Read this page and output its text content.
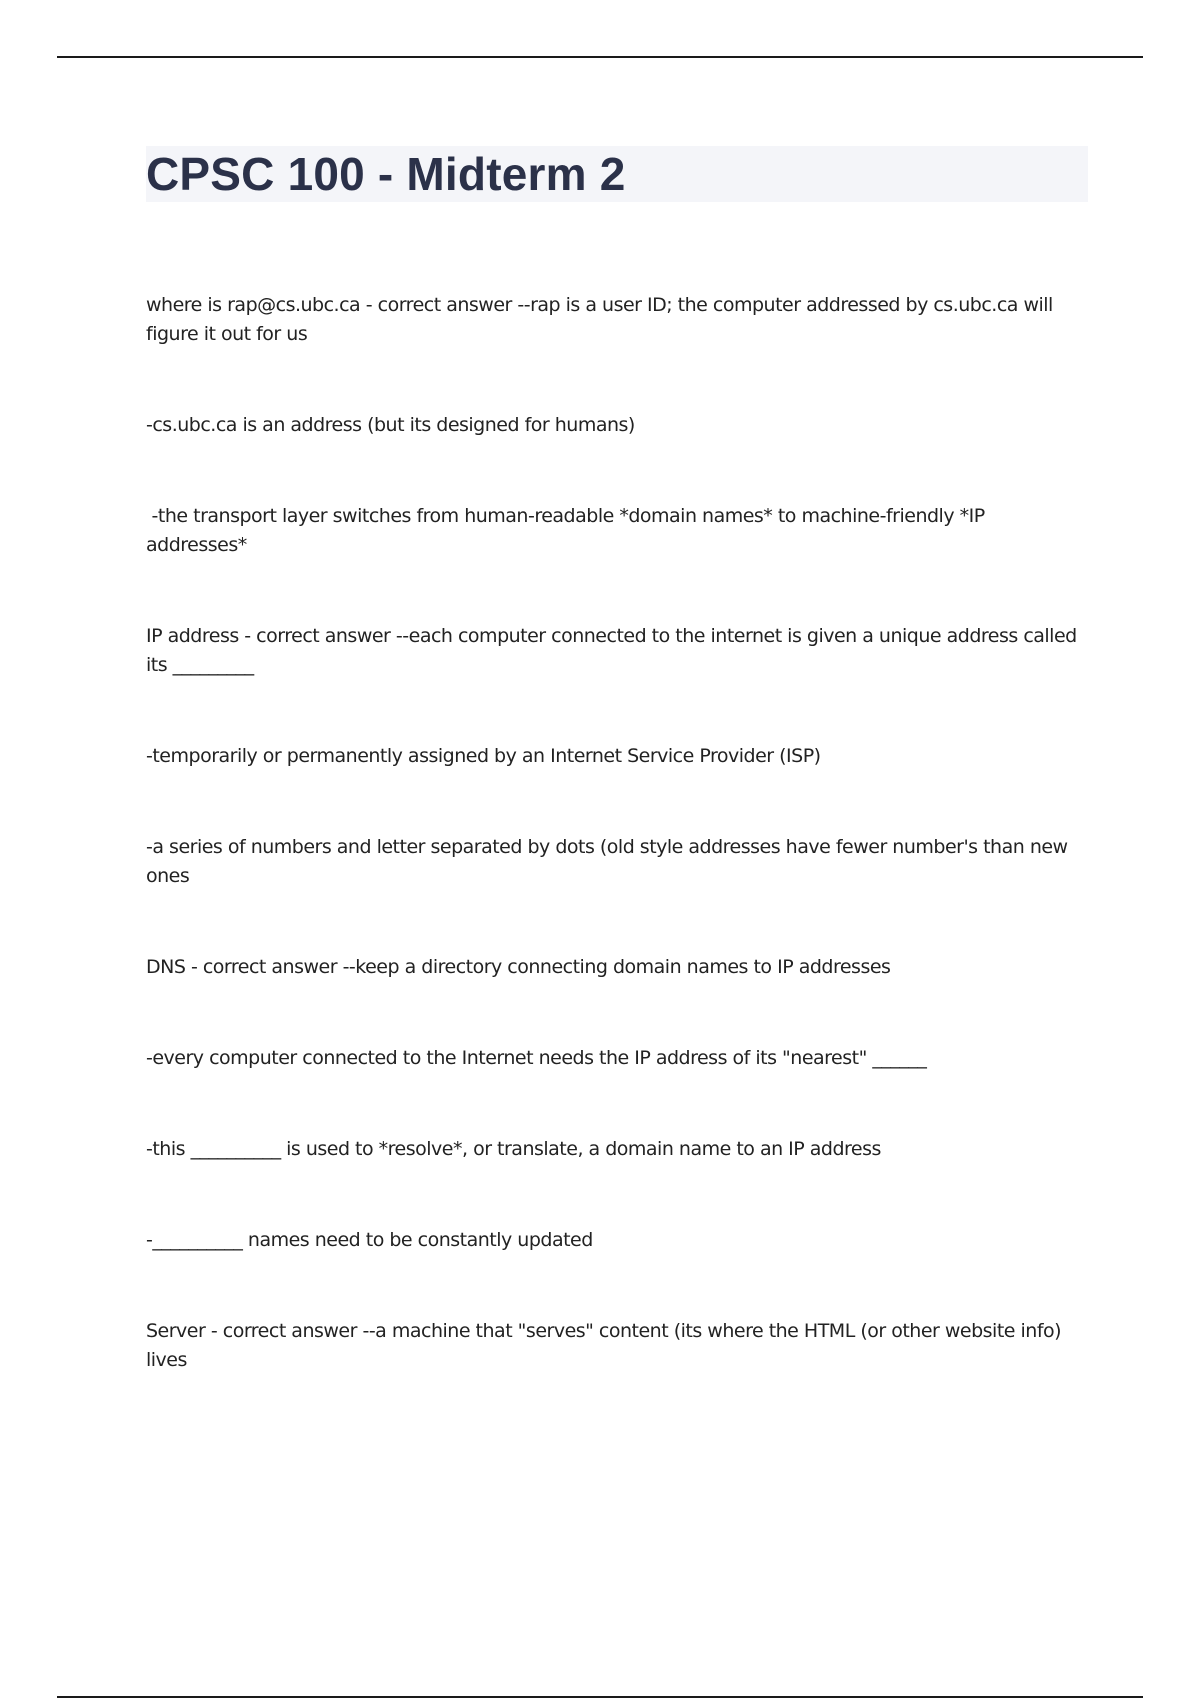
CPSC 100 - Midterm 2

where is rap@cs.ubc.ca - correct answer --rap is a user ID; the computer addressed by cs.ubc.ca will figure it out for us

-cs.ubc.ca is an address (but its designed for humans)

-the transport layer switches from human-readable *domain names* to machine-friendly *IP addresses*

IP address - correct answer --each computer connected to the internet is given a unique address called its _________

-temporarily or permanently assigned by an Internet Service Provider (ISP)

-a series of numbers and letter separated by dots (old style addresses have fewer number's than new ones

DNS - correct answer --keep a directory connecting domain names to IP addresses

-every computer connected to the Internet needs the IP address of its "nearest" ______

-this __________ is used to *resolve*, or translate, a domain name to an IP address

-__________ names need to be constantly updated

Server - correct answer --a machine that "serves" content (its where the HTML (or other website info) lives
